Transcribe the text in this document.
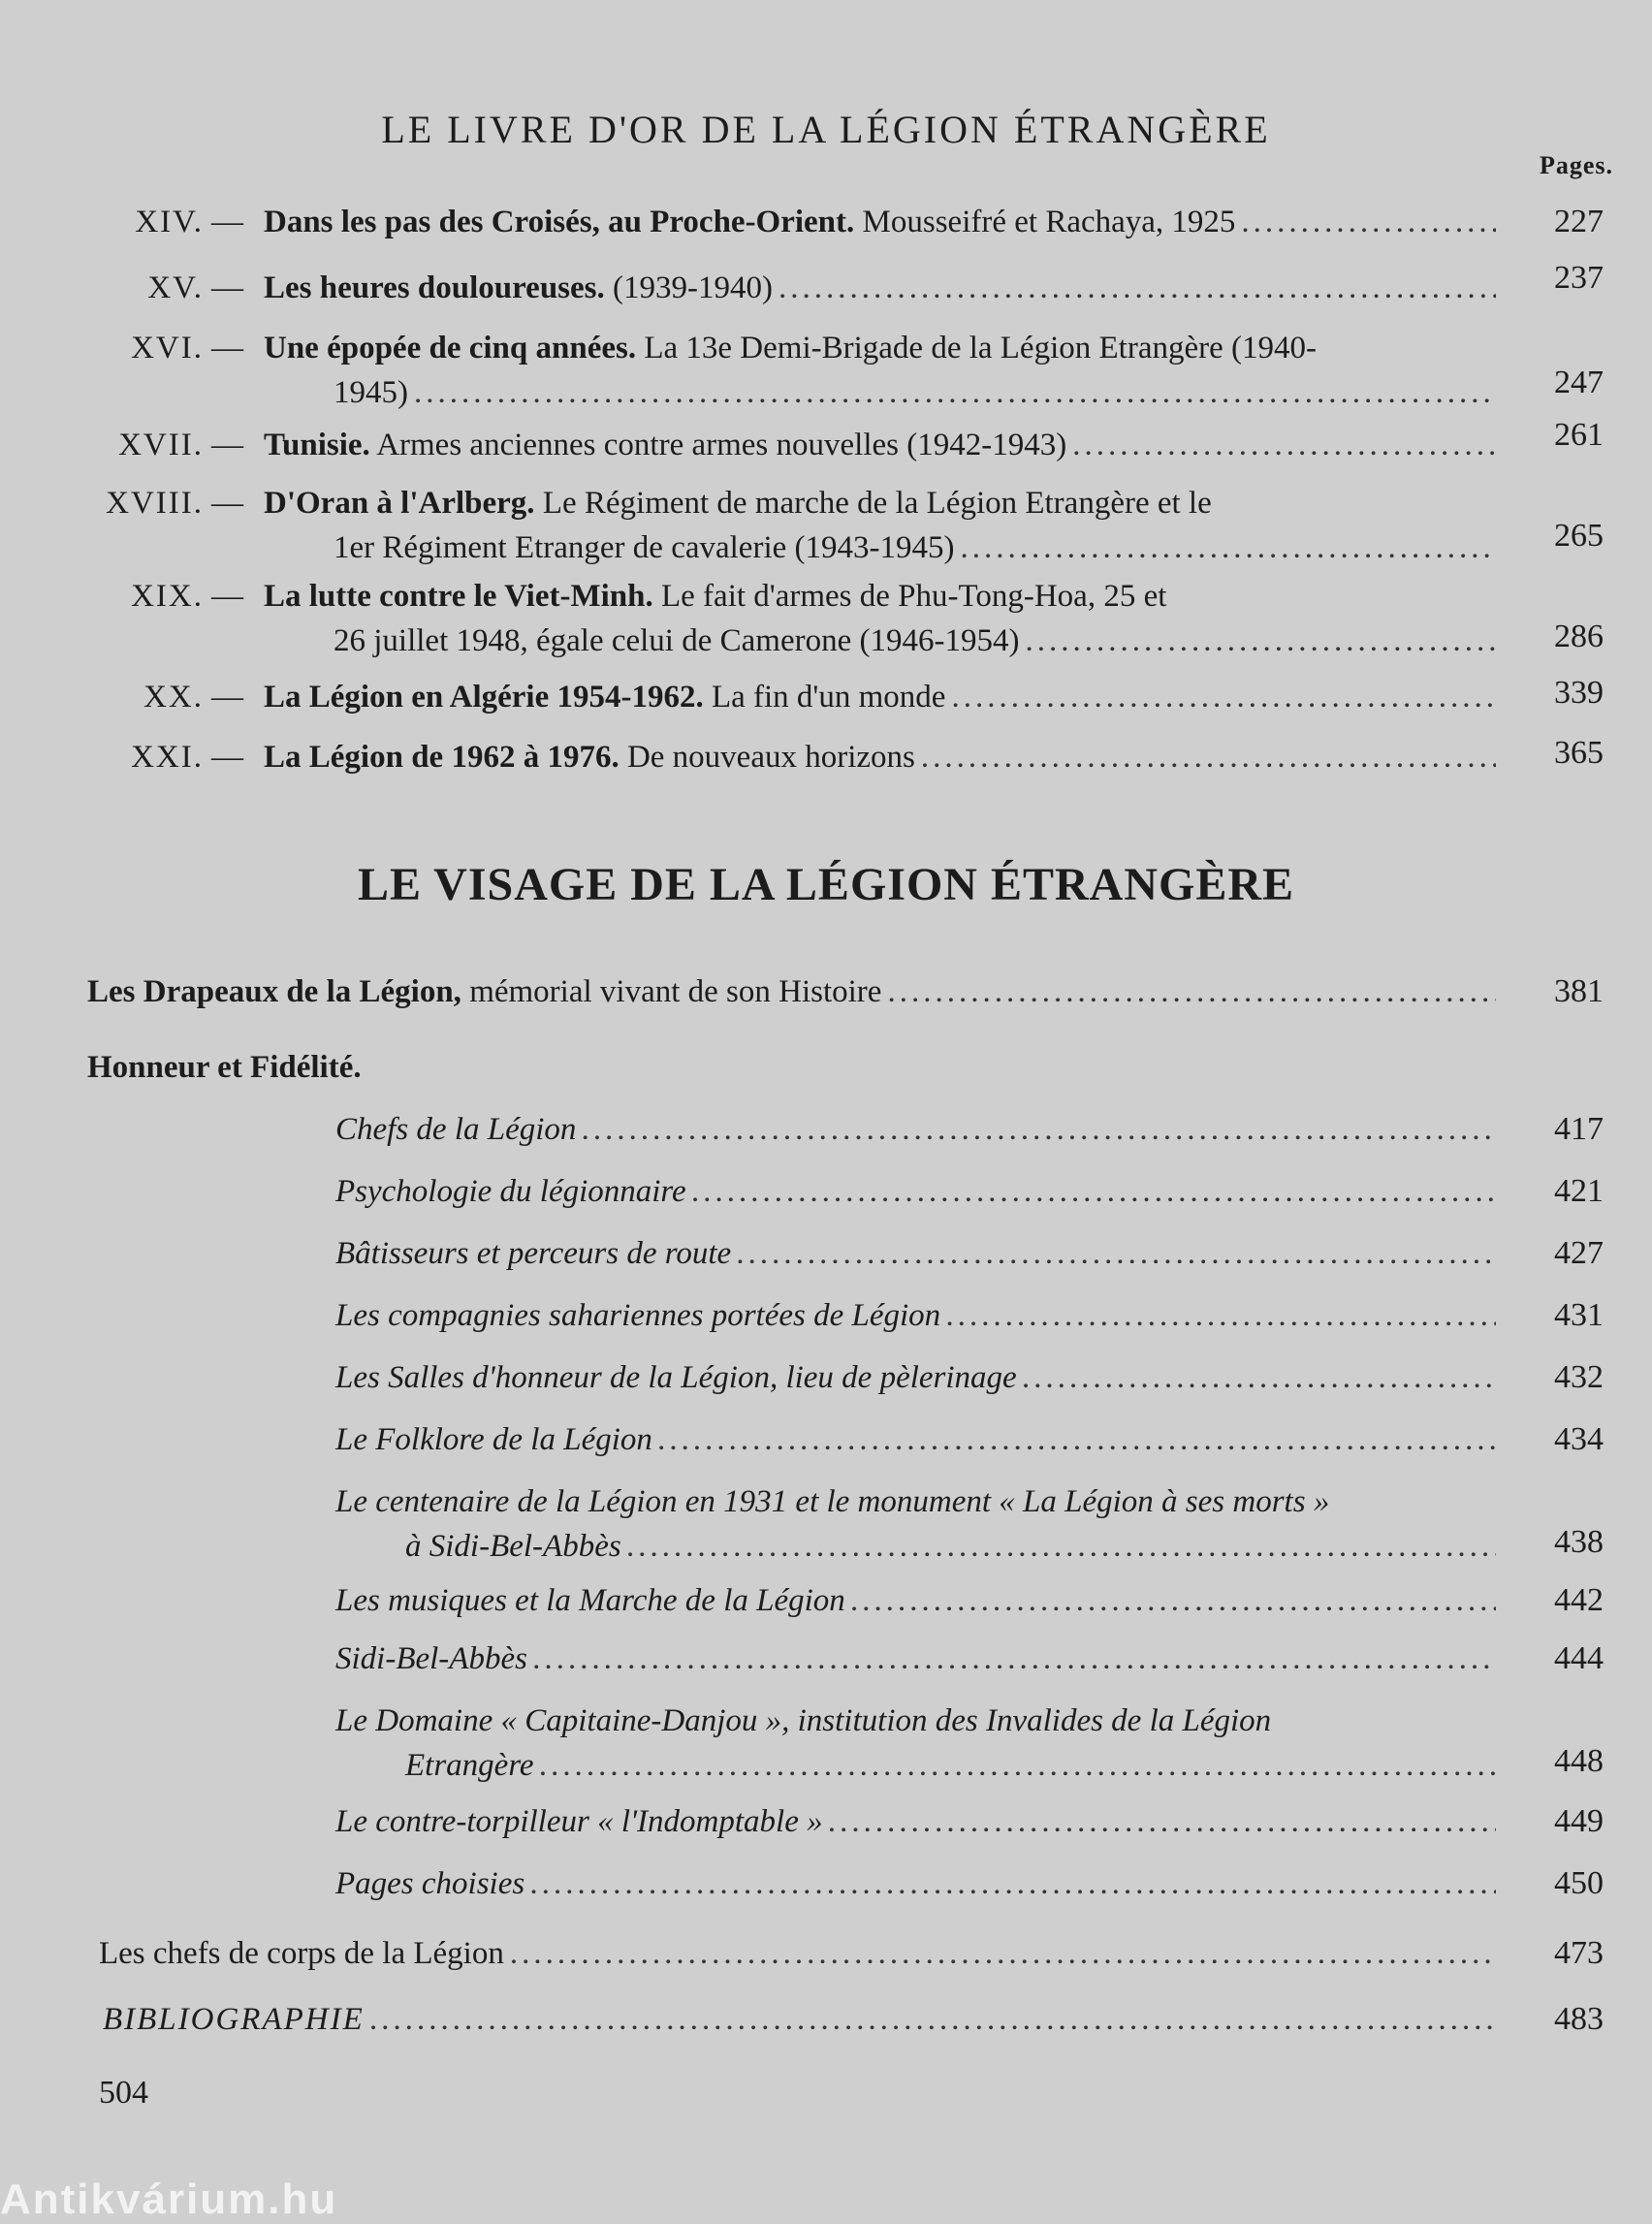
LE LIVRE D'OR DE LA LÉGION ÉTRANGÈRE
Pages.
XIV. — Dans les pas des Croisés, au Proche-Orient. Mousseifré et Rachaya, 1925 .....	227
XV. — Les heures douloureuses. (1939-1940) .....	237
XVI. — Une épopée de cinq années. La 13e Demi-Brigade de la Légion Etrangère (1940-
1945) .....	247
XVII. — Tunisie. Armes anciennes contre armes nouvelles (1942-1943) .....	261
XVIII. — D'Oran à l'Arlberg. Le Régiment de marche de la Légion Etrangère et le
1er Régiment Etranger de cavalerie (1943-1945) .....	265
XIX. — La lutte contre le Viet-Minh. Le fait d'armes de Phu-Tong-Hoa, 25 et
26 juillet 1948, égale celui de Camerone (1946-1954) .....	286
XX. — La Légion en Algérie 1954-1962. La fin d'un monde .....	339
XXI. — La Légion de 1962 à 1976. De nouveaux horizons .....	365
LE VISAGE DE LA LÉGION ÉTRANGÈRE
Les Drapeaux de la Légion, mémorial vivant de son Histoire .....	381
Honneur et Fidélité.
Chefs de la Légion .....	417
Psychologie du légionnaire .....	421
Bâtisseurs et perceurs de route .....	427
Les compagnies sahariennes portées de Légion .....	431
Les Salles d'honneur de la Légion, lieu de pèlerinage .....	432
Le Folklore de la Légion .....	434
Le centenaire de la Légion en 1931 et le monument « La Légion à ses morts »
à Sidi-Bel-Abbès .....	438
Les musiques et la Marche de la Légion .....	442
Sidi-Bel-Abbès .....	444
Le Domaine « Capitaine-Danjou », institution des Invalides de la Légion
Etrangère .....	448
Le contre-torpilleur « l'Indomptable » .....	449
Pages choisies .....	450
Les chefs de corps de la Légion .....	473
BIBLIOGRAPHIE .....	483
504
Antikvárium.hu
